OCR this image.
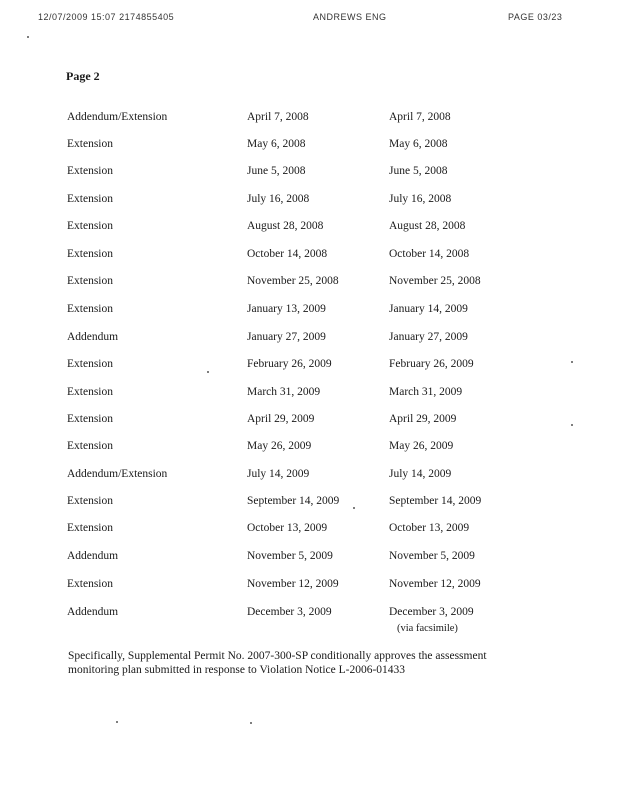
12/07/2009 15:07 2174855405	ANDREWS ENG	PAGE 03/23
Page 2
Addendum/Extension	April 7, 2008	April 7, 2008
Extension	May 6, 2008	May 6, 2008
Extension	June 5, 2008	June 5, 2008
Extension	July 16, 2008	July 16, 2008
Extension	August 28, 2008	August 28, 2008
Extension	October 14, 2008	October 14, 2008
Extension	November 25, 2008	November 25, 2008
Extension	January 13, 2009	January 14, 2009
Addendum	January 27, 2009	January 27, 2009
Extension	February 26, 2009	February 26, 2009
Extension	March 31, 2009	March 31, 2009
Extension	April 29, 2009	April 29, 2009
Extension	May 26, 2009	May 26, 2009
Addendum/Extension	July 14, 2009	July 14, 2009
Extension	September 14, 2009	September 14, 2009
Extension	October 13, 2009	October 13, 2009
Addendum	November 5, 2009	November 5, 2009
Extension	November 12, 2009	November 12, 2009
Addendum	December 3, 2009	December 3, 2009
(via facsimile)
Specifically, Supplemental Permit No. 2007-300-SP conditionally approves the assessment monitoring plan submitted in response to Violation Notice L-2006-01433
